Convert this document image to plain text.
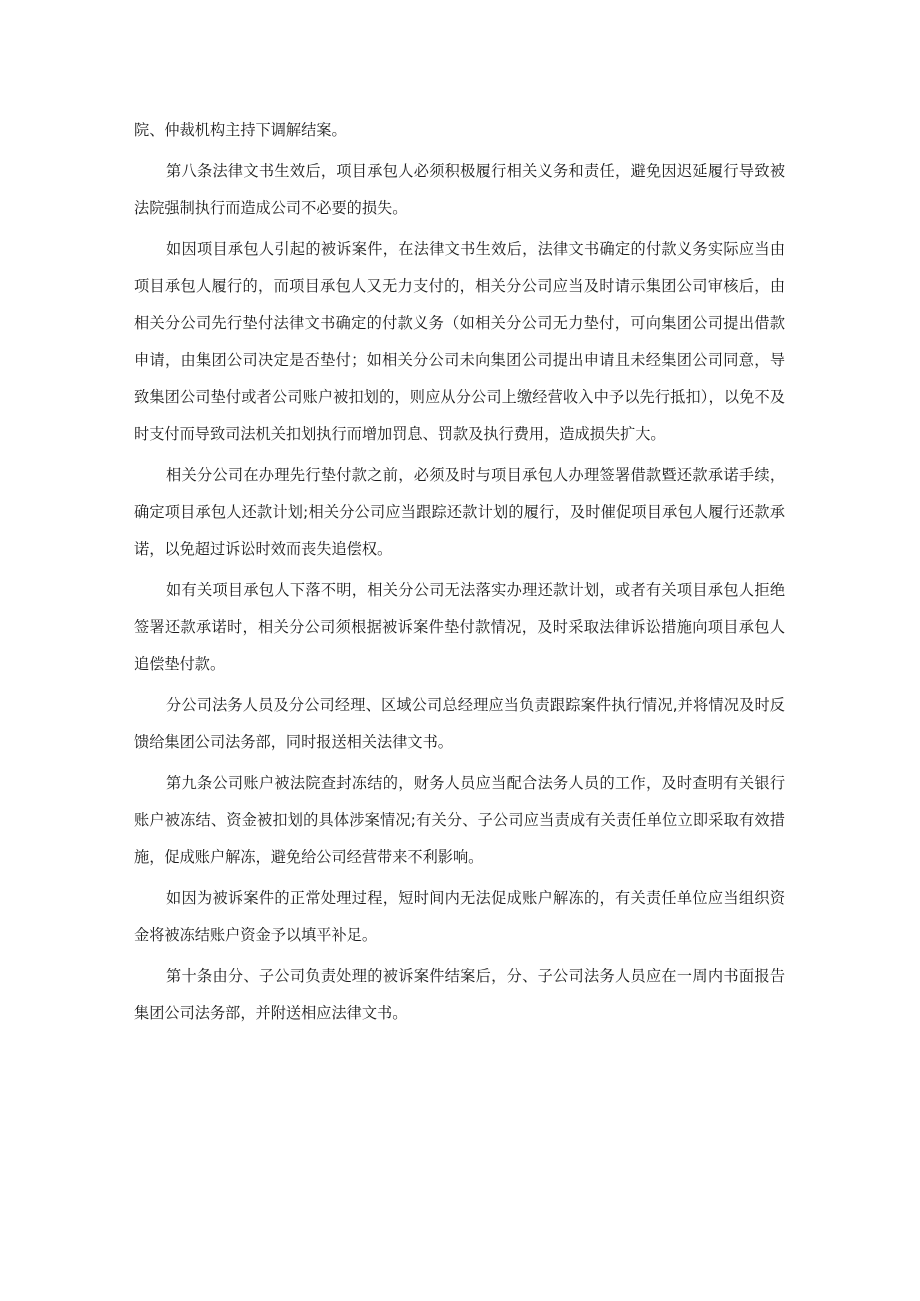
院、仲裁机构主持下调解结案。

第八条法律文书生效后，项目承包人必须积极履行相关义务和责任，避免因迟延履行导致被法院强制执行而造成公司不必要的损失。

如因项目承包人引起的被诉案件，在法律文书生效后，法律文书确定的付款义务实际应当由项目承包人履行的，而项目承包人又无力支付的，相关分公司应当及时请示集团公司审核后，由相关分公司先行垫付法律文书确定的付款义务（如相关分公司无力垫付，可向集团公司提出借款申请，由集团公司决定是否垫付；如相关分公司未向集团公司提出申请且未经集团公司同意，导致集团公司垫付或者公司账户被扣划的，则应从分公司上缴经营收入中予以先行抵扣），以免不及时支付而导致司法机关扣划执行而增加罚息、罚款及执行费用，造成损失扩大。

相关分公司在办理先行垫付款之前，必须及时与项目承包人办理签署借款暨还款承诺手续，确定项目承包人还款计划;相关分公司应当跟踪还款计划的履行，及时催促项目承包人履行还款承诺，以免超过诉讼时效而丧失追偿权。

如有关项目承包人下落不明，相关分公司无法落实办理还款计划，或者有关项目承包人拒绝签署还款承诺时，相关分公司须根据被诉案件垫付款情况，及时采取法律诉讼措施向项目承包人追偿垫付款。

分公司法务人员及分公司经理、区域公司总经理应当负责跟踪案件执行情况,并将情况及时反馈给集团公司法务部，同时报送相关法律文书。

第九条公司账户被法院查封冻结的，财务人员应当配合法务人员的工作，及时查明有关银行账户被冻结、资金被扣划的具体涉案情况;有关分、子公司应当责成有关责任单位立即采取有效措施，促成账户解冻，避免给公司经营带来不利影响。

如因为被诉案件的正常处理过程，短时间内无法促成账户解冻的，有关责任单位应当组织资金将被冻结账户资金予以填平补足。

第十条由分、子公司负责处理的被诉案件结案后，分、子公司法务人员应在一周内书面报告集团公司法务部，并附送相应法律文书。
